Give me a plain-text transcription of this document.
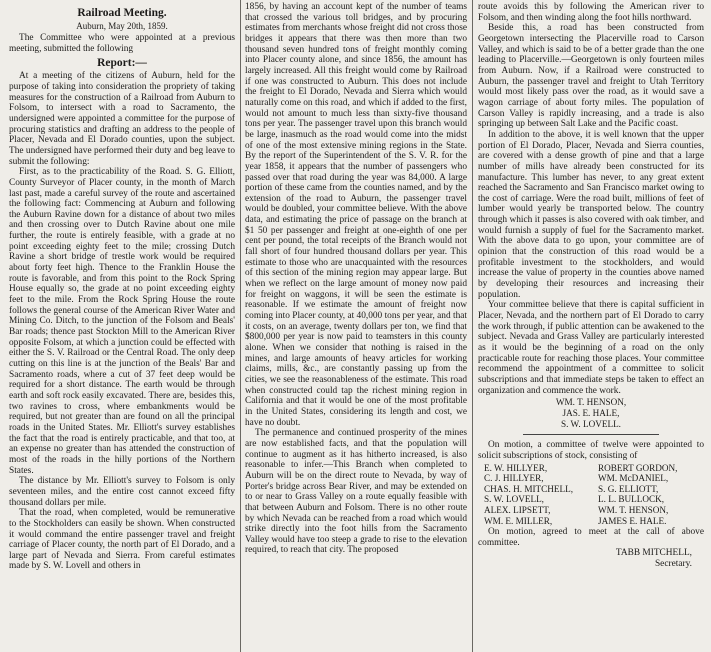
Railroad Meeting.

Auburn, May 20th, 1859.

The Committee who were appointed at a previous meeting, submitted the following

Report:—

At a meeting of the citizens of Auburn, held for the purpose of taking into consideration the propriety of taking measures for the construction of a Railroad from Auburn to Folsom, to intersect with a road to Sacramento, the undersigned were appointed a committee for the purpose of procuring statistics and drafting an address to the people of Placer, Nevada and El Dorado counties, upon the subject. The undersigned have performed their duty and beg leave to submit the following:

First, as to the practicability of the Road. S. G. Elliott, County Surveyor of Placer county, in the month of March last past, made a careful survey of the route and ascertained the following fact: Commencing at Auburn and following the Auburn Ravine down for a distance of about two miles and then crossing over to Dutch Ravine about one mile further, the route is entirely feasible, with a grade at no point exceeding eighty feet to the mile; crossing Dutch Ravine a short bridge of trestle work would be required about forty feet high. Thence to the Franklin House the route is favorable, and from this point to the Rock Spring House equally so, the grade at no point exceeding eighty feet to the mile. From the Rock Spring House the route follows the general course of the American River Water and Mining Co. Ditch, to the junction of the Folsom and Beals' Bar roads; thence past Stockton Mill to the American River opposite Folsom, at which a junction could be effected with either the S. V. Railroad or the Central Road. The only deep cutting on this line is at the junction of the Beals' Bar and Sacramento roads, where a cut of 37 feet deep would be required for a short distance. The earth would be through earth and soft rock easily excavated. There are, besides this, two ravines to cross, where embankments would be required, but not greater than are found on all the principal roads in the United States. Mr. Elliott's survey establishes the fact that the road is entirely practicable, and that too, at an expense no greater than has attended the construction of most of the roads in the hilly portions of the Northern States.

The distance by Mr. Elliott's survey to Folsom is only seventeen miles, and the entire cost cannot exceed fifty thousand dollars per mile.

That the road, when completed, would be remunerative to the Stockholders can easily be shown. When constructed it would command the entire passenger travel and freight carriage of Placer county, the north part of El Dorado, and a large part of Nevada and Sierra. From careful estimates made by S. W. Lovell and others in

1856, by having an account kept of the number of teams that crossed the various toll bridges, and by procuring estimates from merchants whose freight did not cross those bridges it appears that there was then more than two thousand seven hundred tons of freight monthly coming into Placer county alone, and since 1856, the amount has largely increased. All this freight would come by Railroad if one was constructed to Auburn. This does not include the freight to El Dorado, Nevada and Sierra which would naturally come on this road, and which if added to the first, would not amount to much less than sixty-five thousand tons per year. The passenger travel upon this branch would be large, inasmuch as the road would come into the midst of one of the most extensive mining regions in the State. By the report of the Superintendent of the S. V. R. for the year 1858, it appears that the number of passengers who passed over that road during the year was 84,000. A large portion of these came from the counties named, and by the extension of the road to Auburn, the passenger travel would be doubled, your committee believe. With the above data, and estimating the price of passage on the branch at $1 50 per passenger and freight at one-eighth of one per cent per pound, the total receipts of the Branch would not fall short of four hundred thousand dollars per year. This estimate to those who are unacquainted with the resources of this section of the mining region may appear large. But when we reflect on the large amount of money now paid for freight on waggons, it will be seen the estimate is reasonable. If we estimate the amount of freight now coming into Placer county, at 40,000 tons per year, and that it costs, on an average, twenty dollars per ton, we find that $800,000 per year is now paid to teamsters in this county alone. When we consider that nothing is raised in the mines, and large amounts of heavy articles for working claims, mills, &c., are constantly passing up from the cities, we see the reasonableness of the estimate. This road when constructed could tap the richest mining region in California and that it would be one of the most profitable in the United States, considering its length and cost, we have no doubt.

The permanence and continued prosperity of the mines are now established facts, and that the population will continue to augment as it has hitherto increased, is also reasonable to infer.—This Branch when completed to Auburn will be on the direct route to Nevada, by way of Porter's bridge across Bear River, and may be extended on to or near to Grass Valley on a route equally feasible with that between Auburn and Folsom. There is no other route by which Nevada can be reached from a road which would strike directly into the foot hills from the Sacramento Valley would have too steep a grade to rise to the elevation required, to reach that city. The proposed

route avoids this by following the American river to Folsom, and then winding along the foot hills northward.

Beside this, a road has been constructed from Georgetown intersecting the Placerville road to Carson Valley, and which is said to be of a better grade than the one leading to Placerville.—Georgetown is only fourteen miles from Auburn. Now, if a Railroad were constructed to Auburn, the passenger travel and freight to Utah Territory would most likely pass over the road, as it would save a wagon carriage of about forty miles. The population of Carson Valley is rapidly increasing, and a trade is also springing up between Salt Lake and the Pacific coast.

In addition to the above, it is well known that the upper portion of El Dorado, Placer, Nevada and Sierra counties, are covered with a dense growth of pine and that a large number of mills have already been constructed for its manufacture. This lumber has never, to any great extent reached the Sacramento and San Francisco market owing to the cost of carriage. Were the road built, millions of feet of lumber would yearly be transported below. The country through which it passes is also covered with oak timber, and would furnish a supply of fuel for the Sacramento market. With the above data to go upon, your committee are of opinion that the construction of this road would be a profitable investment to the stockholders, and would increase the value of property in the counties above named by developing their resources and increasing their population.

Your committee believe that there is capital sufficient in Placer, Nevada, and the northern part of El Dorado to carry the work through, if public attention can be awakened to the subject. Nevada and Grass Valley are particularly interested as it would be the beginning of a road on the only practicable route for reaching those places. Your committee recommend the appointment of a committee to solicit subscriptions and that immediate steps be taken to effect an organization and commence the work.

WM. T. HENSON,

JAS. E. HALE,

S. W. LOVELL.

On motion, a committee of twelve were appointed to solicit subscriptions of stock, consisting of

E. W. HILLYER,	ROBERT GORDON,
C. J. HILLYER,	WM. McDANIEL,
CHAS. H. MITCHELL,	S. G. ELLIOTT,
S. W. LOVELL,	L. L. BULLOCK,
ALEX. LIPSETT,	WM. T. HENSON,
WM. E. MILLER,	JAMES E. HALE.

On motion, agreed to meet at the call of above committee.

TABB MITCHELL,

Secretary.
